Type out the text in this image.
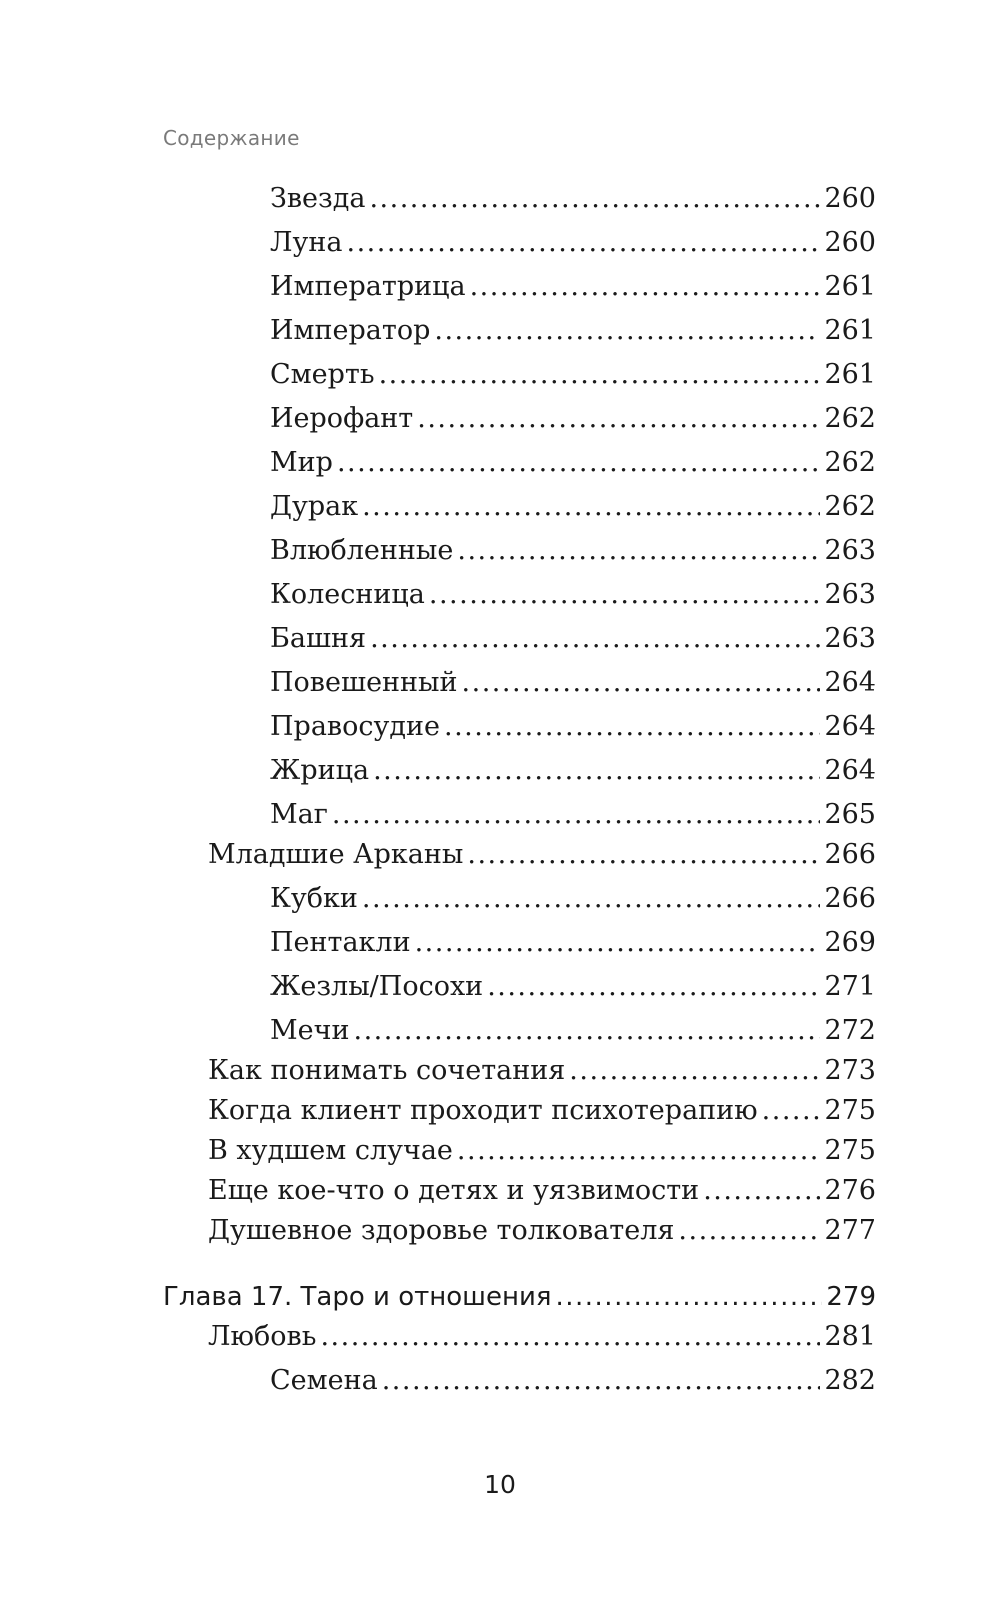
Содержание
Звезда .....	260
Луна .....	260
Императрица .....	261
Император .....	261
Смерть .....	261
Иерофант .....	262
Мир .....	262
Дурак .....	262
Влюбленные .....	263
Колесница .....	263
Башня .....	263
Повешенный .....	264
Правосудие .....	264
Жрица .....	264
Маг .....	265
Младшие Арканы .....	266
Кубки .....	266
Пентакли .....	269
Жезлы/Посохи .....	271
Мечи .....	272
Как понимать сочетания .....	273
Когда клиент проходит психотерапию ..... 275
В худшем случае .....	275
Еще кое-что о детях и уязвимости .....	276
Душевное здоровье толкователя .....	277
Глава 17. Таро и отношения .....	279
Любовь .....	281
Семена .....	282
10
